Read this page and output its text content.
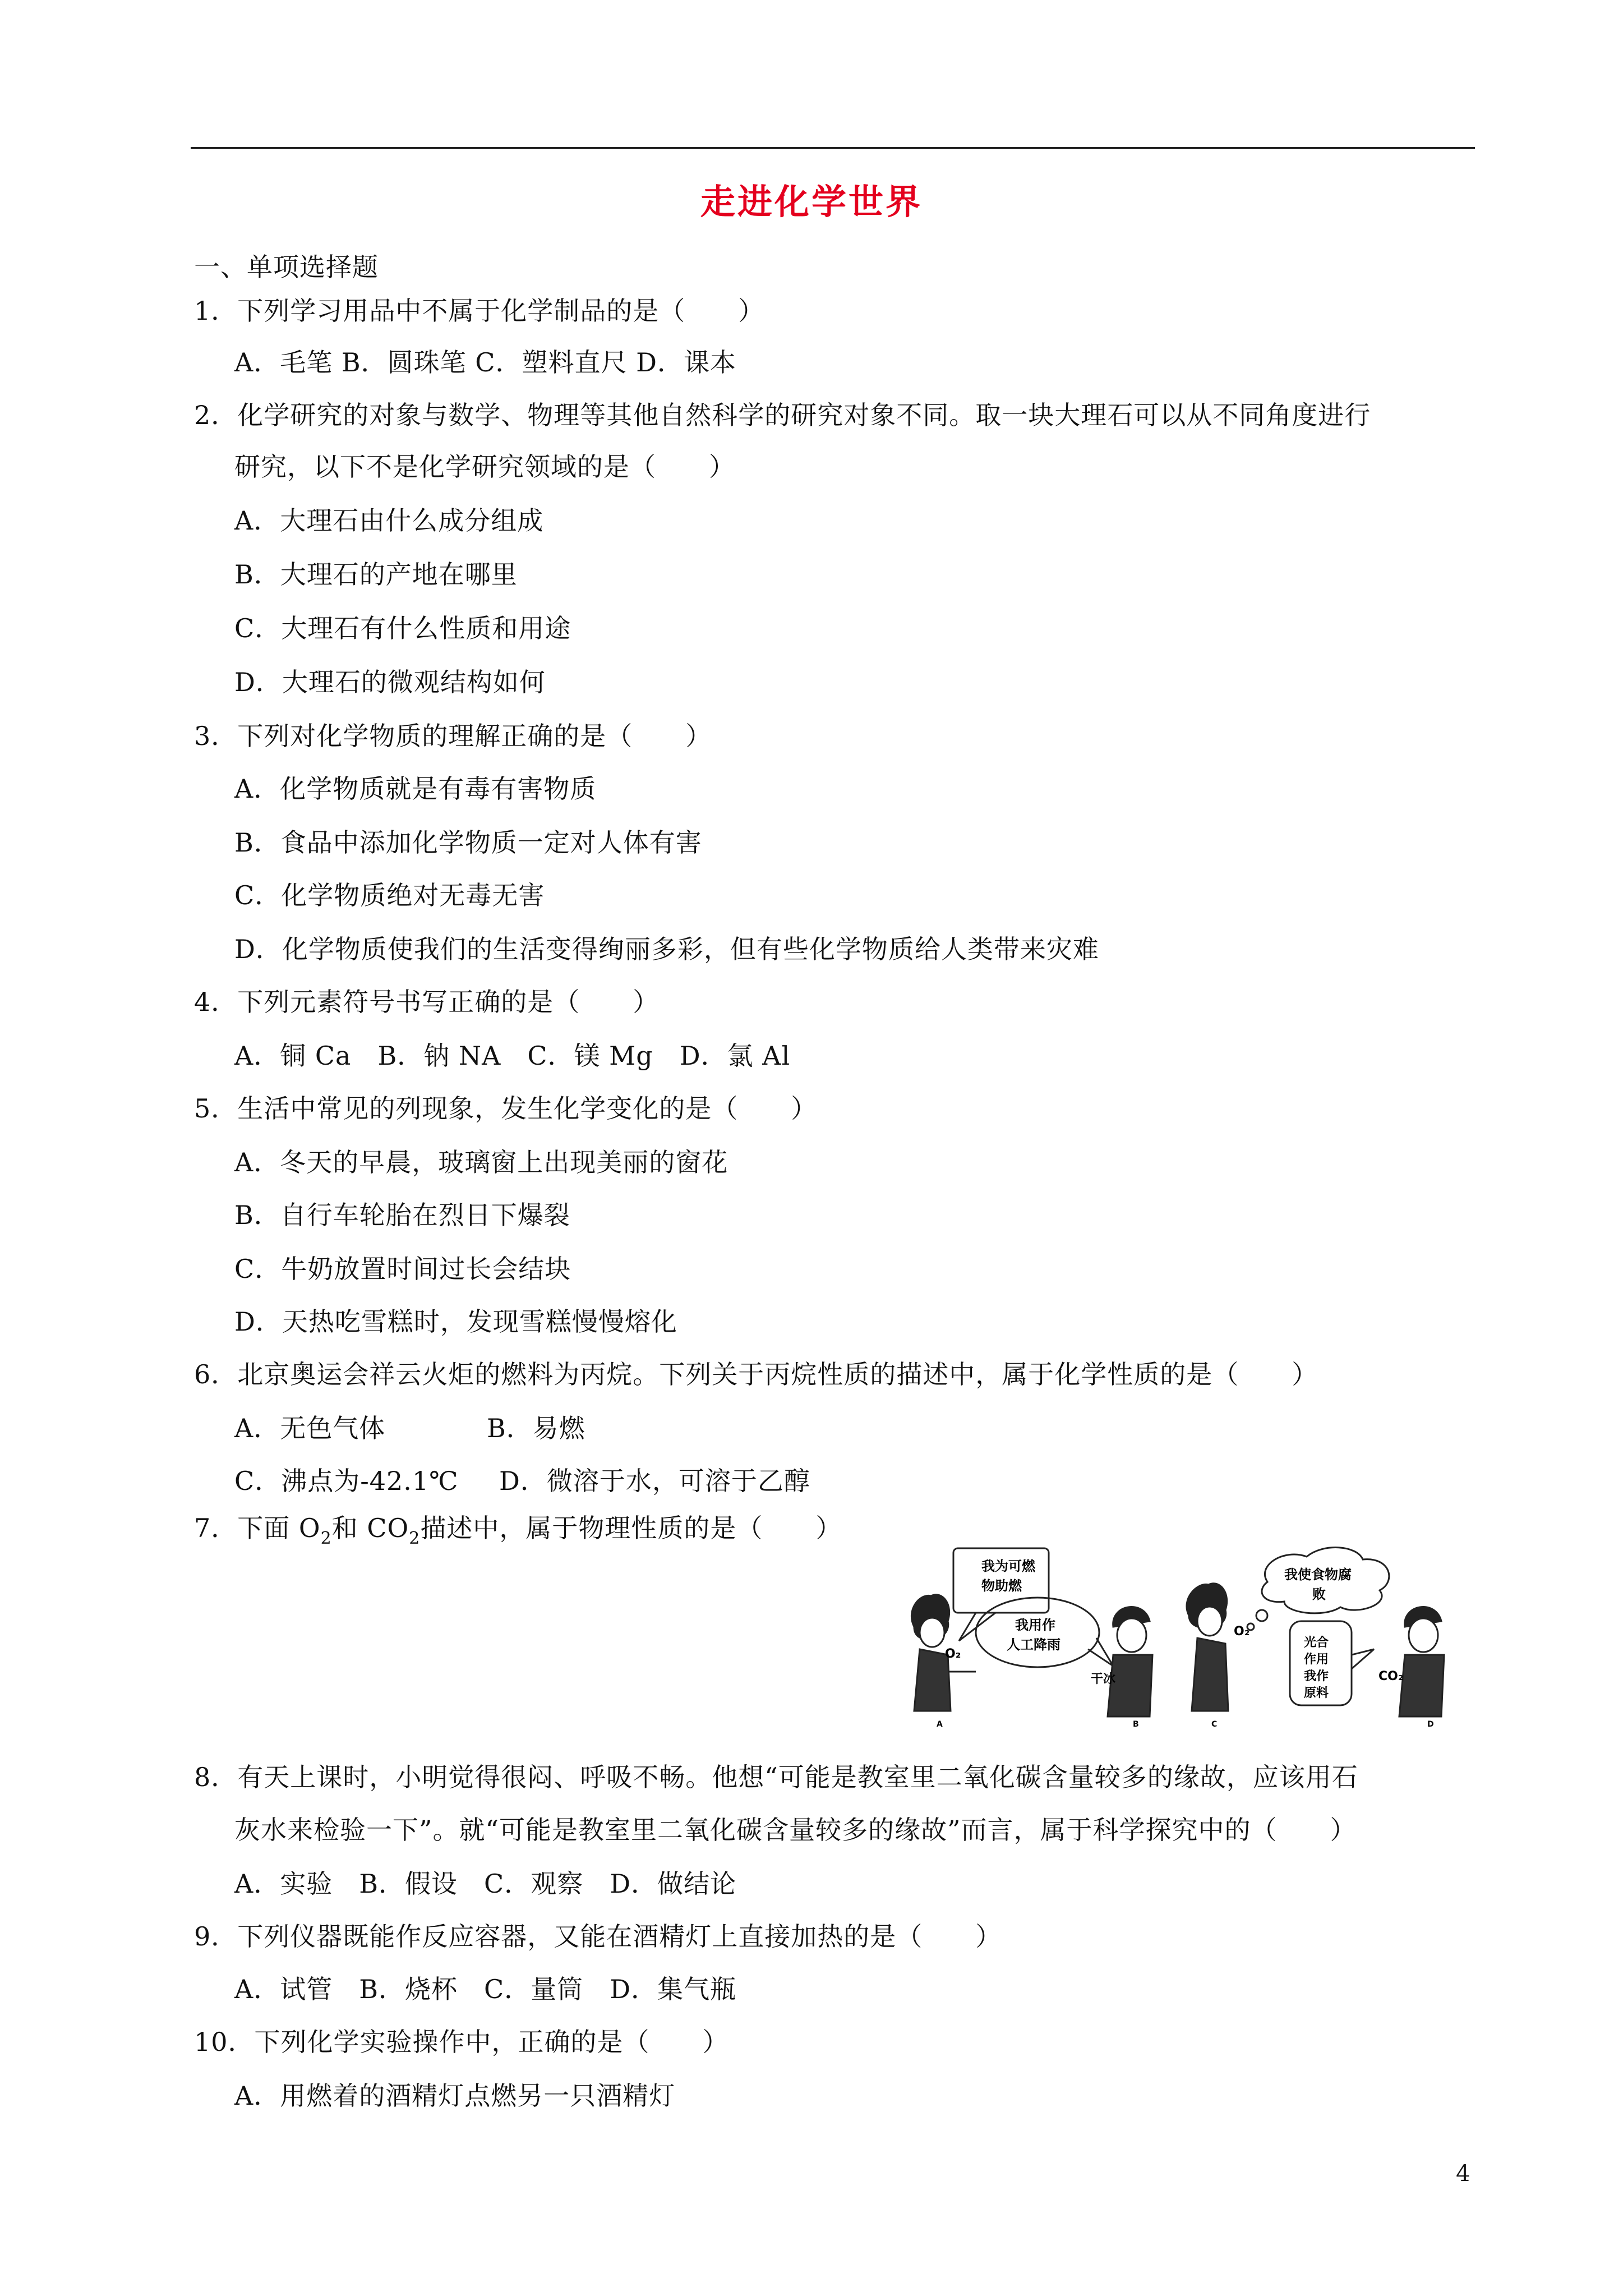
走进化学世界
一、单项选择题
1．下列学习用品中不属于化学制品的是（　　）
A．毛笔 B．圆珠笔 C．塑料直尺 D．课本
2．化学研究的对象与数学、物理等其他自然科学的研究对象不同。取一块大理石可以从不同角度进行
研究，以下不是化学研究领域的是（　　）
A．大理石由什么成分组成
B．大理石的产地在哪里
C．大理石有什么性质和用途
D．大理石的微观结构如何
3．下列对化学物质的理解正确的是（　　）
A．化学物质就是有毒有害物质
B．食品中添加化学物质一定对人体有害
C．化学物质绝对无毒无害
D．化学物质使我们的生活变得绚丽多彩，但有些化学物质给人类带来灾难
4．下列元素符号书写正确的是（　　）
A．铜 Ca　B．钠 NA　C．镁 Mg　D．氯 Al
5．生活中常见的列现象，发生化学变化的是（　　）
A．冬天的早晨，玻璃窗上出现美丽的窗花
B．自行车轮胎在烈日下爆裂
C．牛奶放置时间过长会结块
D．天热吃雪糕时，发现雪糕慢慢熔化
6．北京奥运会祥云火炬的燃料为丙烷。下列关于丙烷性质的描述中，属于化学性质的是（　　）
A．无色气体	B．易燃
C．沸点为-42.1℃ D．微溶于水，可溶于乙醇
7．下面 $O_2$和 $CO_2$描述中，属于物理性质的是（　　）
我为可燃
物助燃
我用作
人工降雨
我使食物腐
败
光合
作用
我作
原料
O₂
干冰
O₂
CO₂
A	B	C	D
8．有天上课时，小明觉得很闷、呼吸不畅。他想“可能是教室里二氧化碳含量较多的缘故，应该用石
灰水来检验一下”。就“可能是教室里二氧化碳含量较多的缘故”而言，属于科学探究中的（　　）
A．实验　B．假设　C．观察　D．做结论
9．下列仪器既能作反应容器，又能在酒精灯上直接加热的是（　　）
A．试管　B．烧杯　C．量筒　D．集气瓶
10．下列化学实验操作中，正确的是（　　）
A．用燃着的酒精灯点燃另一只酒精灯
4
